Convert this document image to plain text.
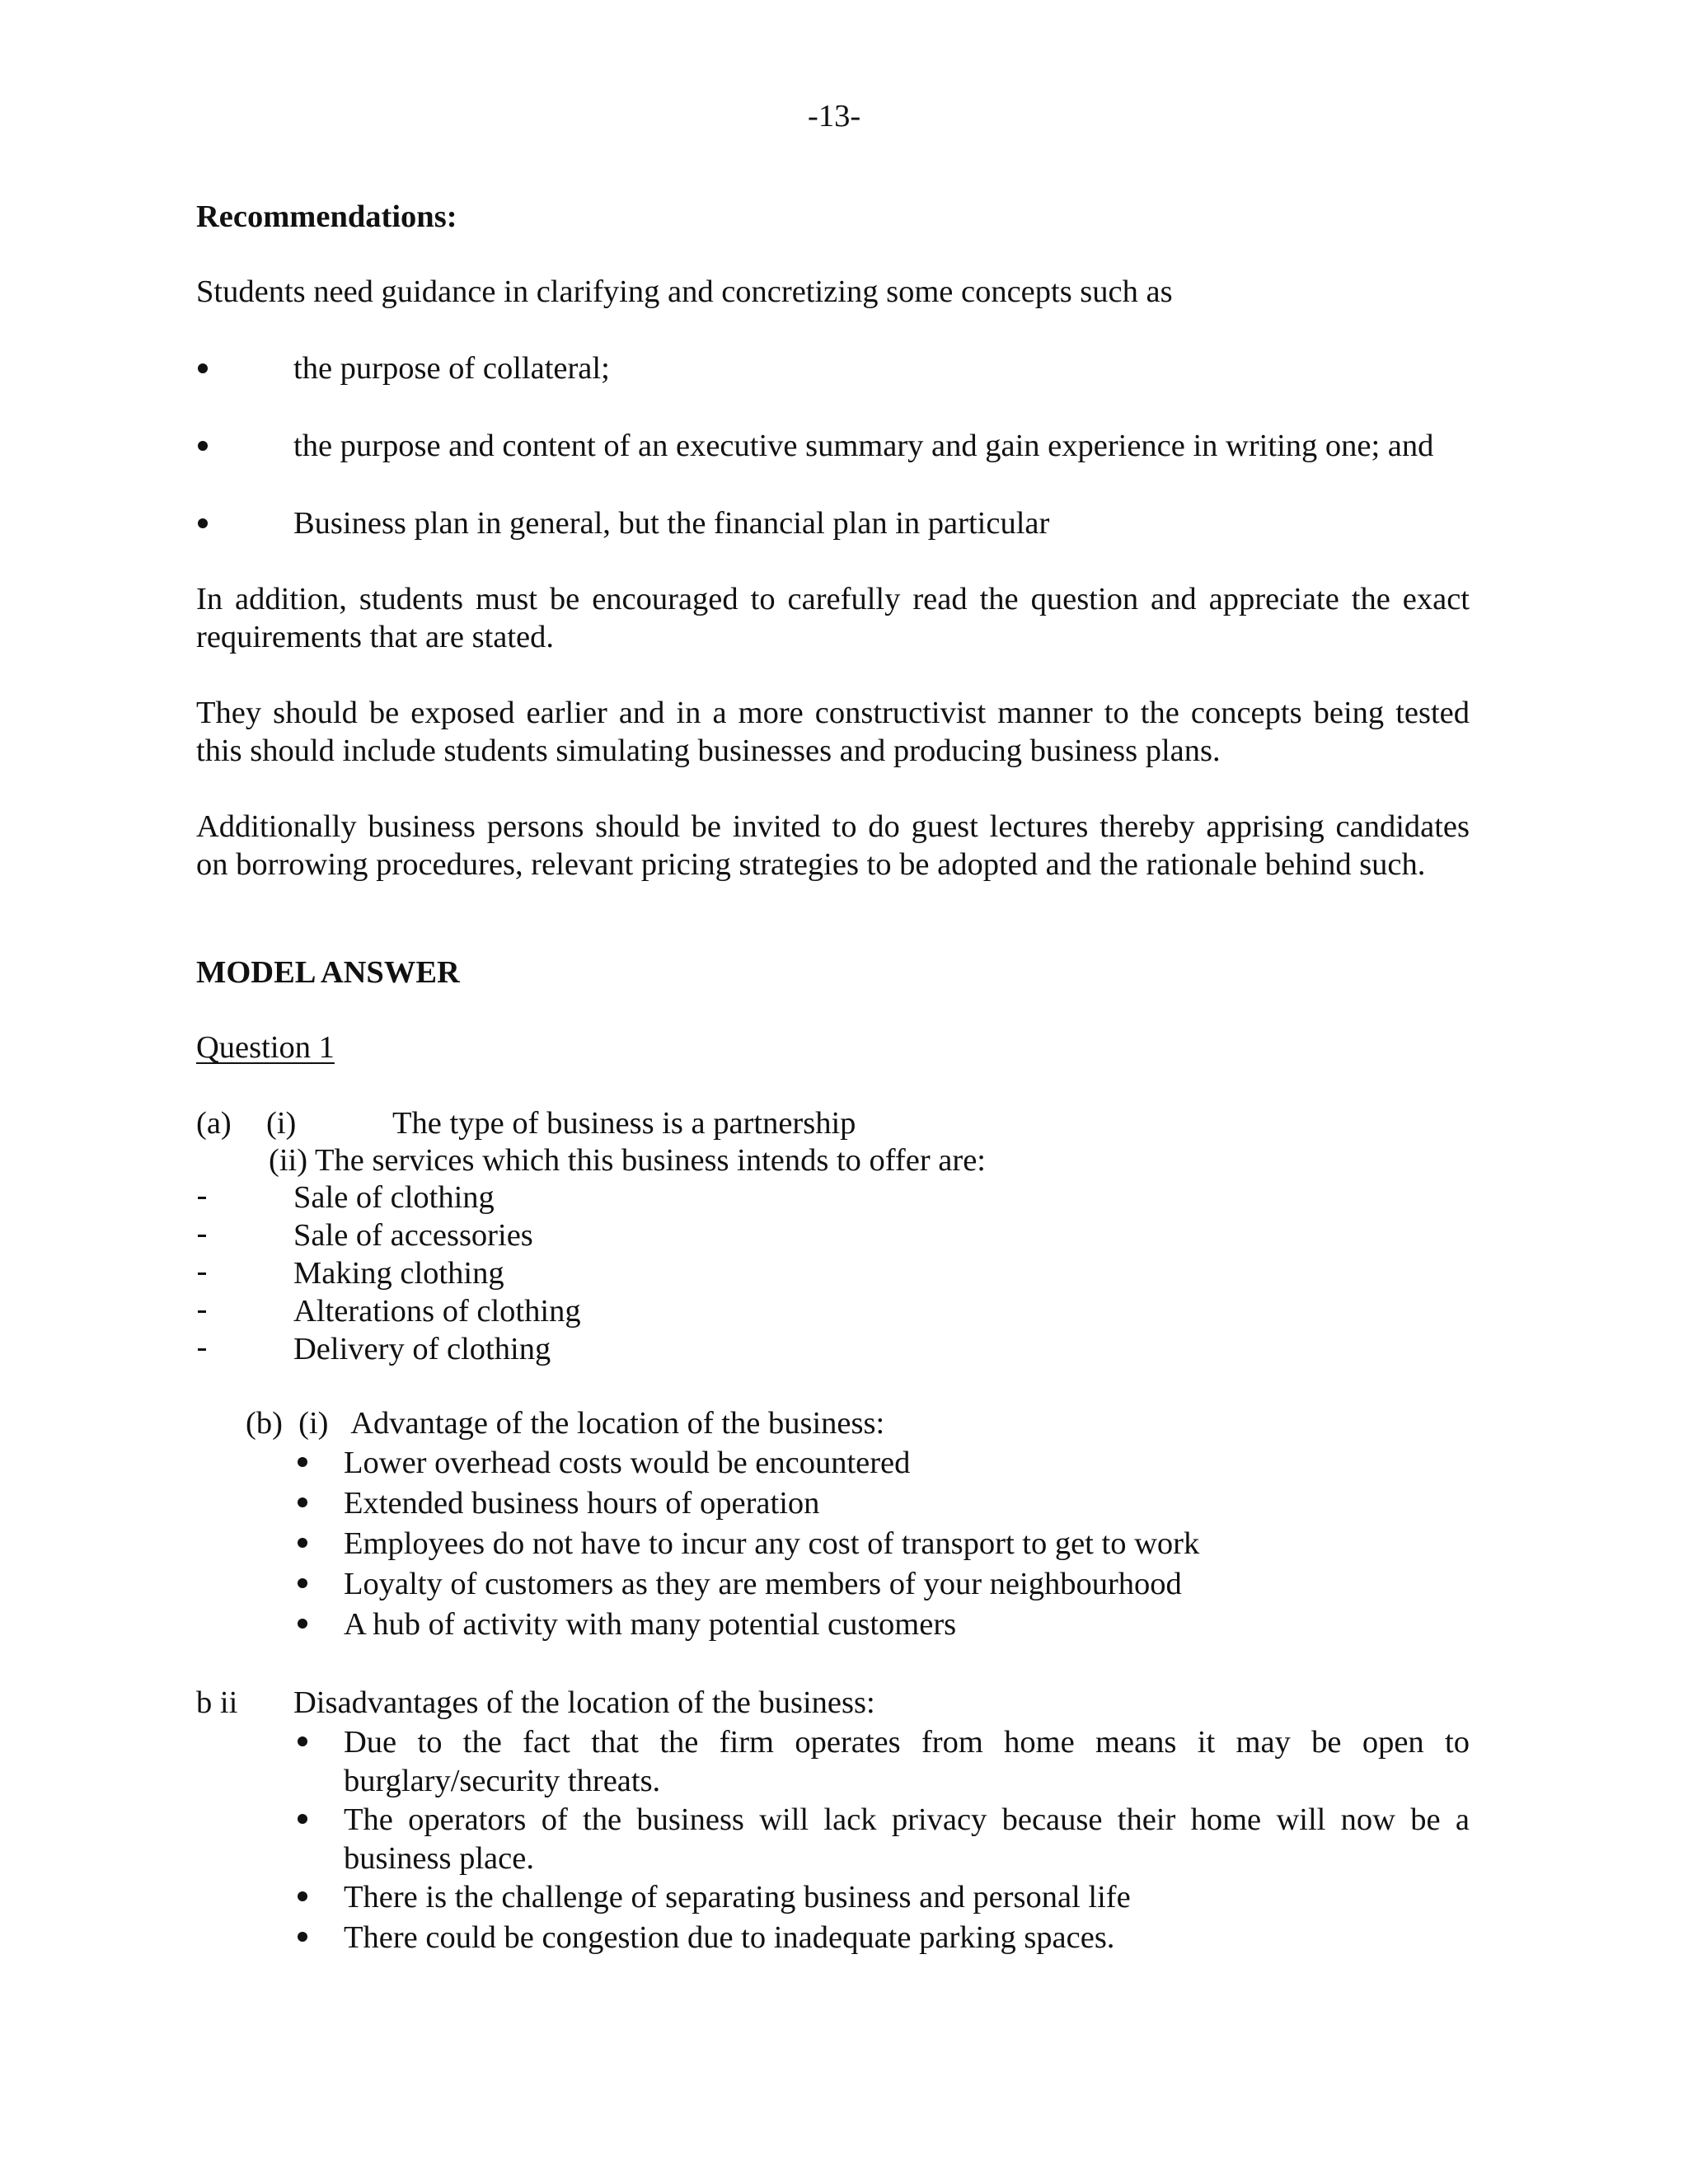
-13-
Recommendations:
Students need guidance in clarifying and concretizing some concepts such as
the purpose of collateral;
the purpose and content of an executive summary and gain experience in writing one; and
Business plan in general, but the financial plan in particular
In addition, students must be encouraged to carefully read the question and appreciate the exact
requirements that are stated.
They should be exposed earlier and in a more constructivist manner to the concepts being tested
this should include students simulating businesses and producing business plans.
Additionally business persons should be invited to do guest lectures thereby apprising candidates
on borrowing procedures, relevant pricing strategies to be adopted and the rationale behind such.
MODEL ANSWER
Question 1
(a) (i)	The type of business is a partnership
(ii) The services which this business intends to offer are:
Sale of clothing
Sale of accessories
Making clothing
Alterations of clothing
Delivery of clothing
(b)  (i)   Advantage of the location of the business:
Lower overhead costs would be encountered
Extended business hours of operation
Employees do not have to incur any cost of transport to get to work
Loyalty of customers as they are members of your neighbourhood
A hub of activity with many potential customers
b ii Disadvantages of the location of the business:
Due to the fact that the firm operates from home means it may be open to
burglary/security threats.
The operators of the business will lack privacy because their home will now be a
business place.
There is the challenge of separating business and personal life
There could be congestion due to inadequate parking spaces.
